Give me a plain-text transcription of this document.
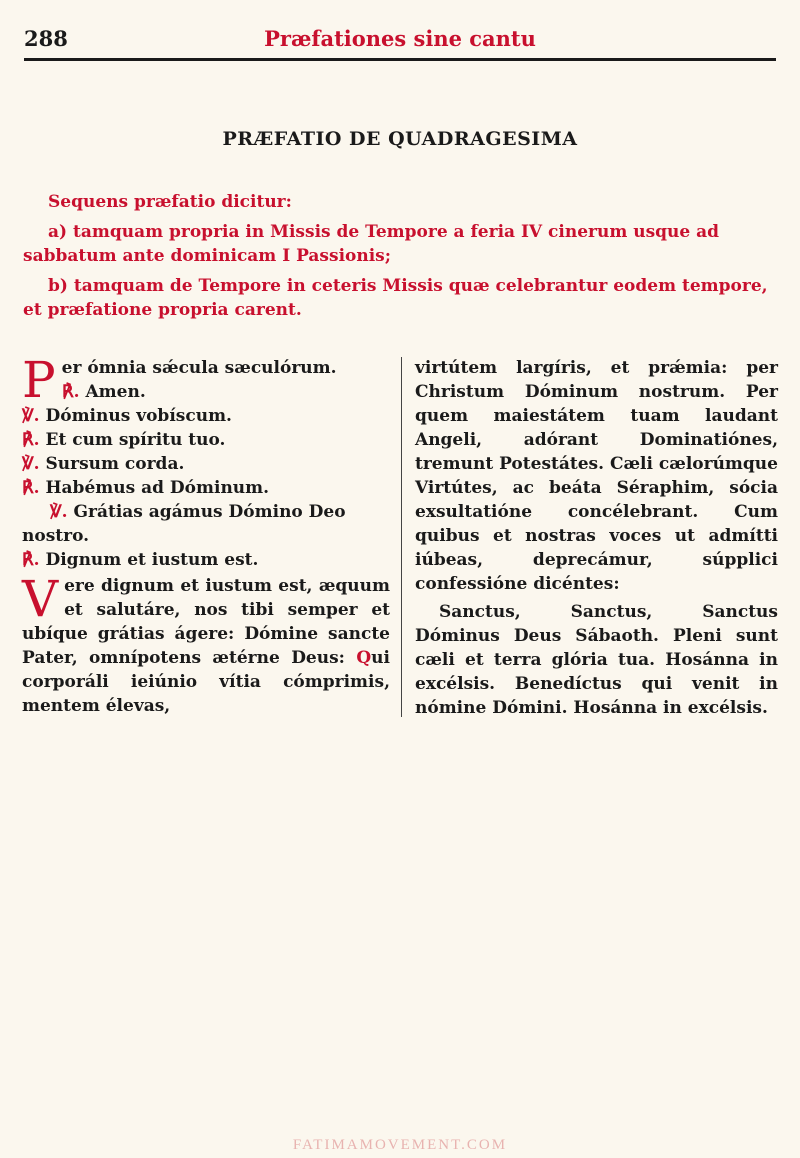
288	Præfationes sine cantu
PRÆFATIO DE QUADRAGESIMA

Sequens præfatio dicitur:

a) tamquam propria in Missis de Tempore a feria IV cinerum usque ad sabbatum ante dominicam I Passionis;

b) tamquam de Tempore in ceteris Missis quæ celebrantur eodem tempore, et præfatione propria carent.

P er ómnia sǽcula sæculórum.

℟. Amen.

℣. Dóminus vobíscum.

℟. Et cum spíritu tuo.

℣. Sursum corda.

℟. Habémus ad Dóminum.

℣. Grátias agámus Dómino Deo nostro.

℟. Dignum et iustum est.

Vere dignum et iustum est, æquum et salutáre, nos tibi semper et ubíque grátias ágere: Dómine sancte Pater, omnípotens ætérne Deus: Qui corporáli ieiúnio vítia cómprimis, mentem élevas,

virtútem largíris, et prǽmia: per Christum Dóminum nostrum. Per quem maiestátem tuam laudant Angeli, adórant Dominatiónes, tremunt Potestátes. Cæli cælorúmque Virtútes, ac beáta Séraphim, sócia exsultatióne concélebrant. Cum quibus et nostras voces ut admítti iúbeas, deprecámur, súpplici confessióne dicéntes:

Sanctus, Sanctus, Sanctus Dóminus Deus Sábaoth. Pleni sunt cæli et terra glória tua. Hosánna in excélsis. Benedíctus qui venit in nómine Dómini. Hosánna in excélsis.

FATIMAMOVEMENT.COM
